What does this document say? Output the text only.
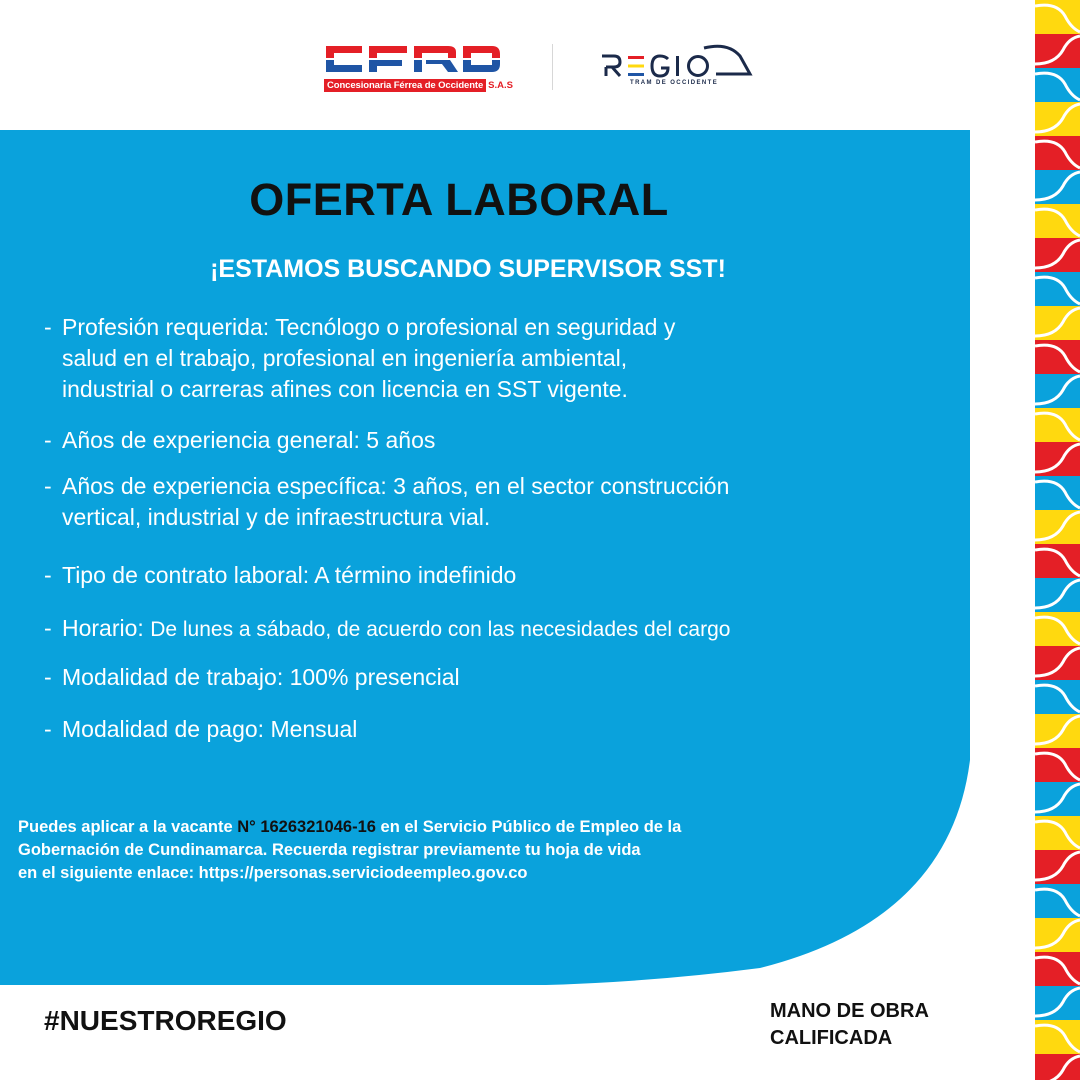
Concesionaria Férrea de Occidente S.A.S	TRAM DE OCCIDENTE
OFERTA LABORAL
¡ESTAMOS BUSCANDO SUPERVISOR SST!
- Profesión requerida: Tecnólogo o profesional en seguridad y
salud en el trabajo, profesional en ingeniería ambiental,
industrial o carreras afines con licencia en SST vigente.
- Años de experiencia general: 5 años
- Años de experiencia específica: 3 años, en el sector construcción
vertical, industrial y de infraestructura vial.
- Tipo de contrato laboral: A término indefinido
- Horario: De lunes a sábado, de acuerdo con las necesidades del cargo
- Modalidad de trabajo: 100% presencial
- Modalidad de pago: Mensual
Puedes aplicar a la vacante N° 1626321046-16 en el Servicio Público de Empleo de la
Gobernación de Cundinamarca. Recuerda registrar previamente tu hoja de vida
en el siguiente enlace: https://personas.serviciodeempleo.gov.co
#NUESTROREGIO	MANO DE OBRA
CALIFICADA
